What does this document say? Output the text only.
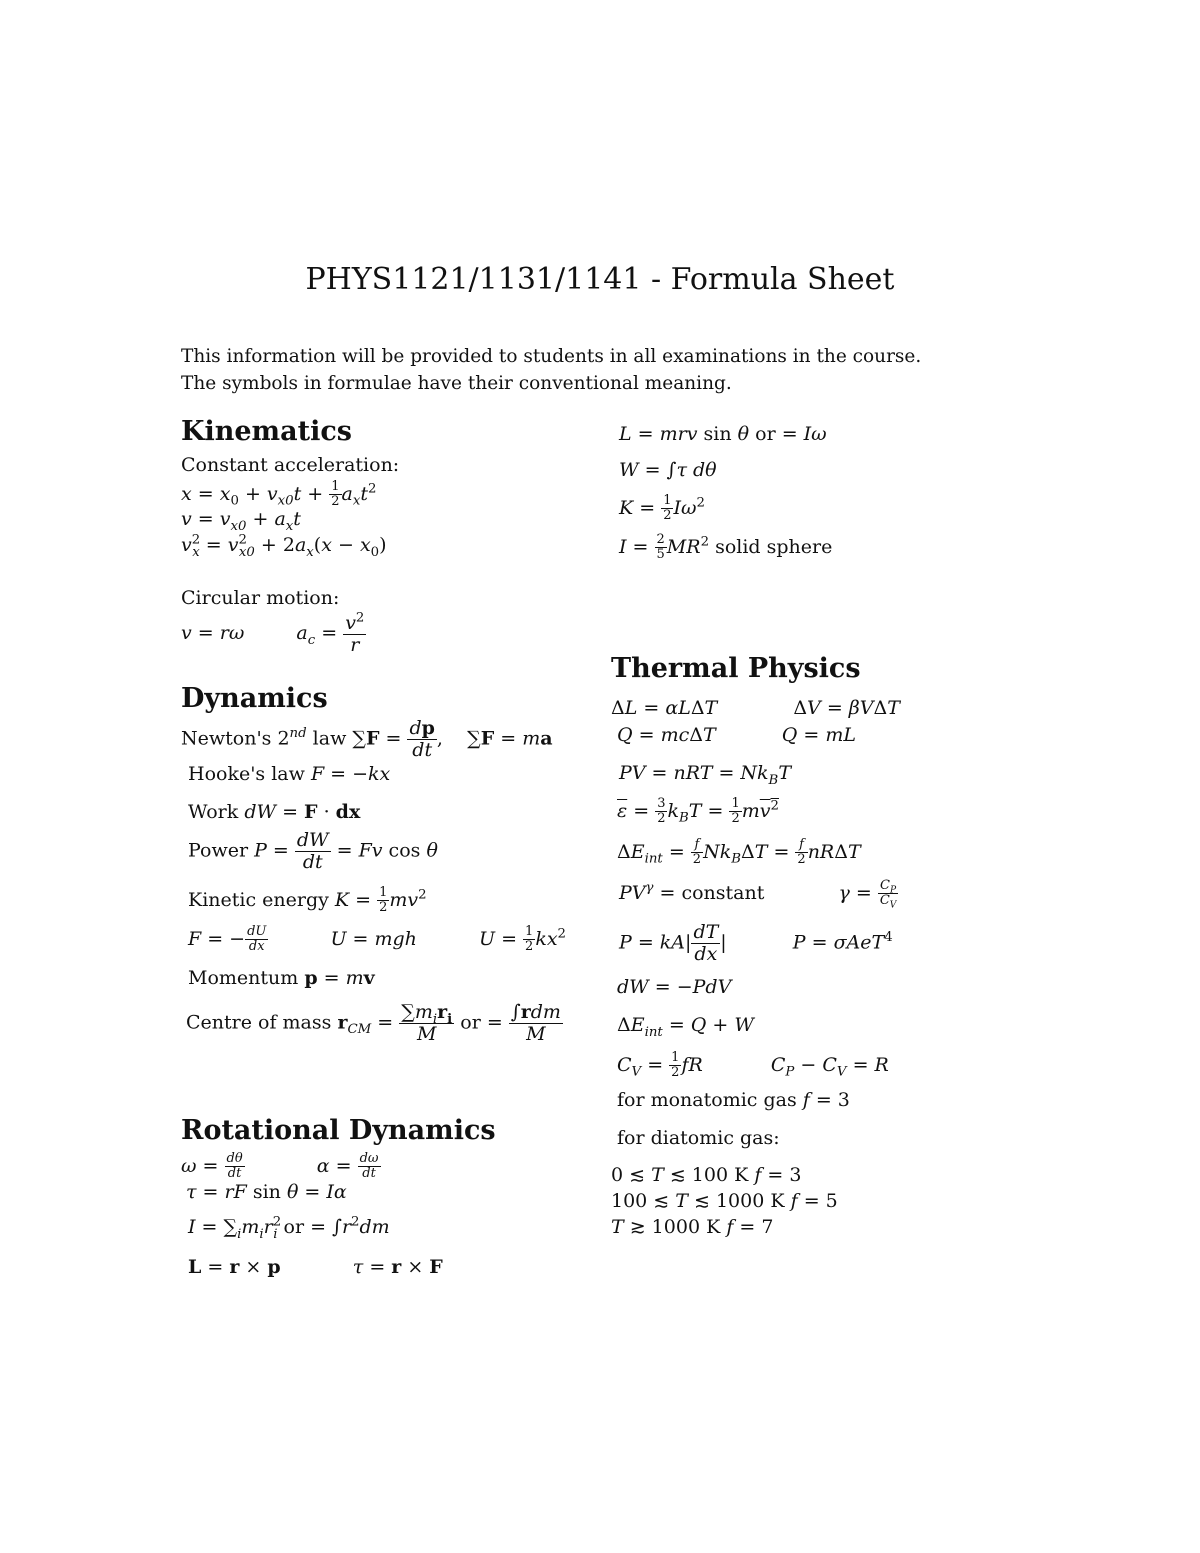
PHYS1121/1131/1141 - Formula Sheet
This information will be provided to students in all examinations in the course.
The symbols in formulae have their conventional meaning.
Kinematics
Constant acceleration:
$x = x_0 + v_{x0}t + \frac{1}{2} a_xt^2$
$v = v_{x0} + a_xt$
$v^2_x = v^2_{x0} + 2a_x(x - x_0)$
Circular motion:
v = rω	$a_c = \frac{v^2}{r}$
Dynamics
Newton's 2nd law $\sum F = \frac{dp}{dt}$ ,    ∑F = ma
Hooke's law F = −kx
Work dW = F · dx
Power $P = \frac{dW}{dt} = Fv$ cos θ
Kinetic energy $K = \frac{1}{2} mv^2$
F = − $\frac{dU}{dx}$	U = mgh	$U = \frac{1}{2} kx^2$
Momentum p = mv
Centre of mass $r_{CM} = \frac{\sum m_ir_i}{M}$ or = $\frac{\text{∫rdm}}{M}$
Rotational Dynamics
$\omega = \frac{d\theta}{dt}$	$\alpha = \frac{d\omega}{dt}$
τ = rF sin θ = Iα
$I = \sum_im_ir^2_i$ or = $\int r^2dm$
L = r × p	τ = r × F
L = mrv sin θ or = Iω
W = ∫τ dθ
$K = \frac{1}{2} I\omega^2$
$I = \frac{2}{5} MR^2$ solid sphere
Thermal Physics
ΔL = αLΔT	ΔV = βVΔT
Q = mcΔT	Q = mL
PV = nRT = $Nk_BT$
$\overline{\varepsilon} = \frac{3}{2} k_BT = \frac{1}{2} mv^2$
$\Delta E_{int} = \frac{f}{2} Nk_B\Delta T = \frac{f}{2}$ nRΔT
$PV^\gamma$ = constant	$\gamma = \frac{C_P}{C_V}$
$P = kA| \frac{dT}{dx}$ |	P = σAeT$^4$
dW = −PdV
$\Delta E_{int} = Q + W$
$C_V = \frac{1}{2}$ fR	$C_P - C_V = R$
for monatomic gas f = 3
for diatomic gas:
0 ≲ T ≲ 100 K f = 3
100 ≲ T ≲ 1000 K f = 5
T ≳ 1000 K f = 7
